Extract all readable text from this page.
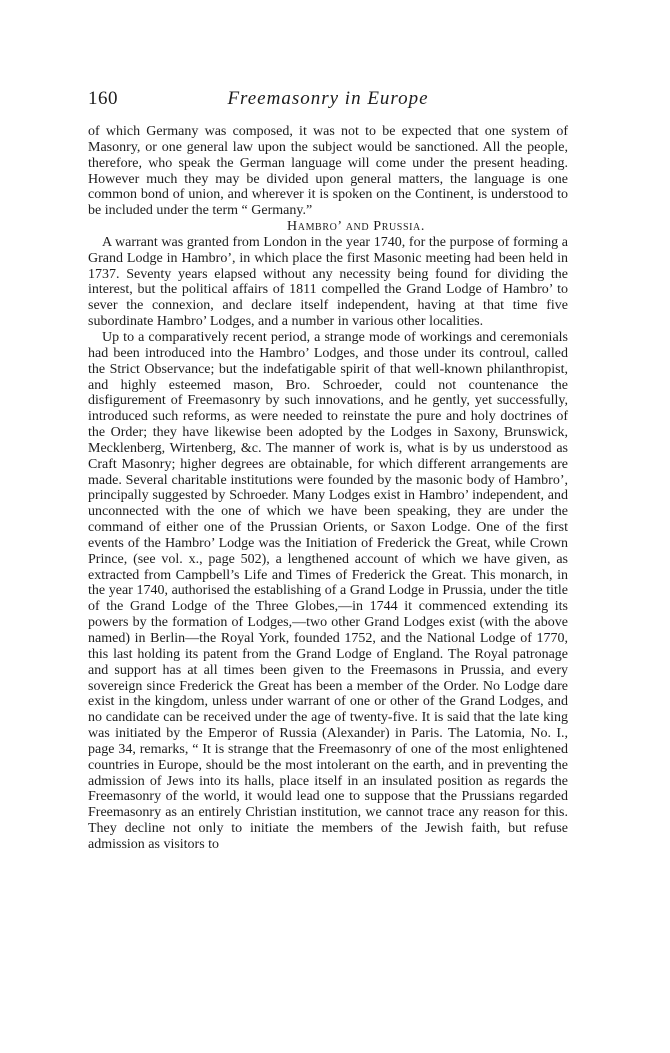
160	Freemasonry in Europe

of which Germany was composed, it was not to be expected that one system of Masonry, or one general law upon the subject would be sanctioned. All the people, therefore, who speak the German language will come under the present heading. However much they may be divided upon general matters, the language is one common bond of union, and wherever it is spoken on the Continent, is understood to be included under the term “ Germany.”

Hambro’ and Prussia.

A warrant was granted from London in the year 1740, for the purpose of forming a Grand Lodge in Hambro’, in which place the first Masonic meeting had been held in 1737. Seventy years elapsed without any necessity being found for dividing the interest, but the political affairs of 1811 compelled the Grand Lodge of Hambro’ to sever the connexion, and declare itself independent, having at that time five subordinate Hambro’ Lodges, and a number in various other localities.

Up to a comparatively recent period, a strange mode of workings and ceremonials had been introduced into the Hambro’ Lodges, and those under its controul, called the Strict Observance; but the indefatigable spirit of that well-known philanthropist, and highly esteemed mason, Bro. Schroeder, could not countenance the disfigurement of Freemasonry by such innovations, and he gently, yet successfully, introduced such reforms, as were needed to reinstate the pure and holy doctrines of the Order; they have likewise been adopted by the Lodges in Saxony, Brunswick, Mecklenberg, Wirtenberg, &c. The manner of work is, what is by us understood as Craft Masonry; higher degrees are obtainable, for which different arrangements are made. Several charitable institutions were founded by the masonic body of Hambro’, principally suggested by Schroeder. Many Lodges exist in Hambro’ independent, and unconnected with the one of which we have been speaking, they are under the command of either one of the Prussian Orients, or Saxon Lodge. One of the first events of the Hambro’ Lodge was the Initiation of Frederick the Great, while Crown Prince, (see vol. x., page 502), a lengthened account of which we have given, as extracted from Campbell’s Life and Times of Frederick the Great. This monarch, in the year 1740, authorised the establishing of a Grand Lodge in Prussia, under the title of the Grand Lodge of the Three Globes,—in 1744 it commenced extending its powers by the formation of Lodges,—two other Grand Lodges exist (with the above named) in Berlin—the Royal York, founded 1752, and the National Lodge of 1770, this last holding its patent from the Grand Lodge of England. The Royal patronage and support has at all times been given to the Freemasons in Prussia, and every sovereign since Frederick the Great has been a member of the Order. No Lodge dare exist in the kingdom, unless under warrant of one or other of the Grand Lodges, and no candidate can be received under the age of twenty-five. It is said that the late king was initiated by the Emperor of Russia (Alexander) in Paris. The Latomia, No. I., page 34, remarks, “ It is strange that the Freemasonry of one of the most enlightened countries in Europe, should be the most intolerant on the earth, and in preventing the admission of Jews into its halls, place itself in an insulated position as regards the Freemasonry of the world, it would lead one to suppose that the Prussians regarded Freemasonry as an entirely Christian institution, we cannot trace any reason for this. They decline not only to initiate the members of the Jewish faith, but refuse admission as visitors to
